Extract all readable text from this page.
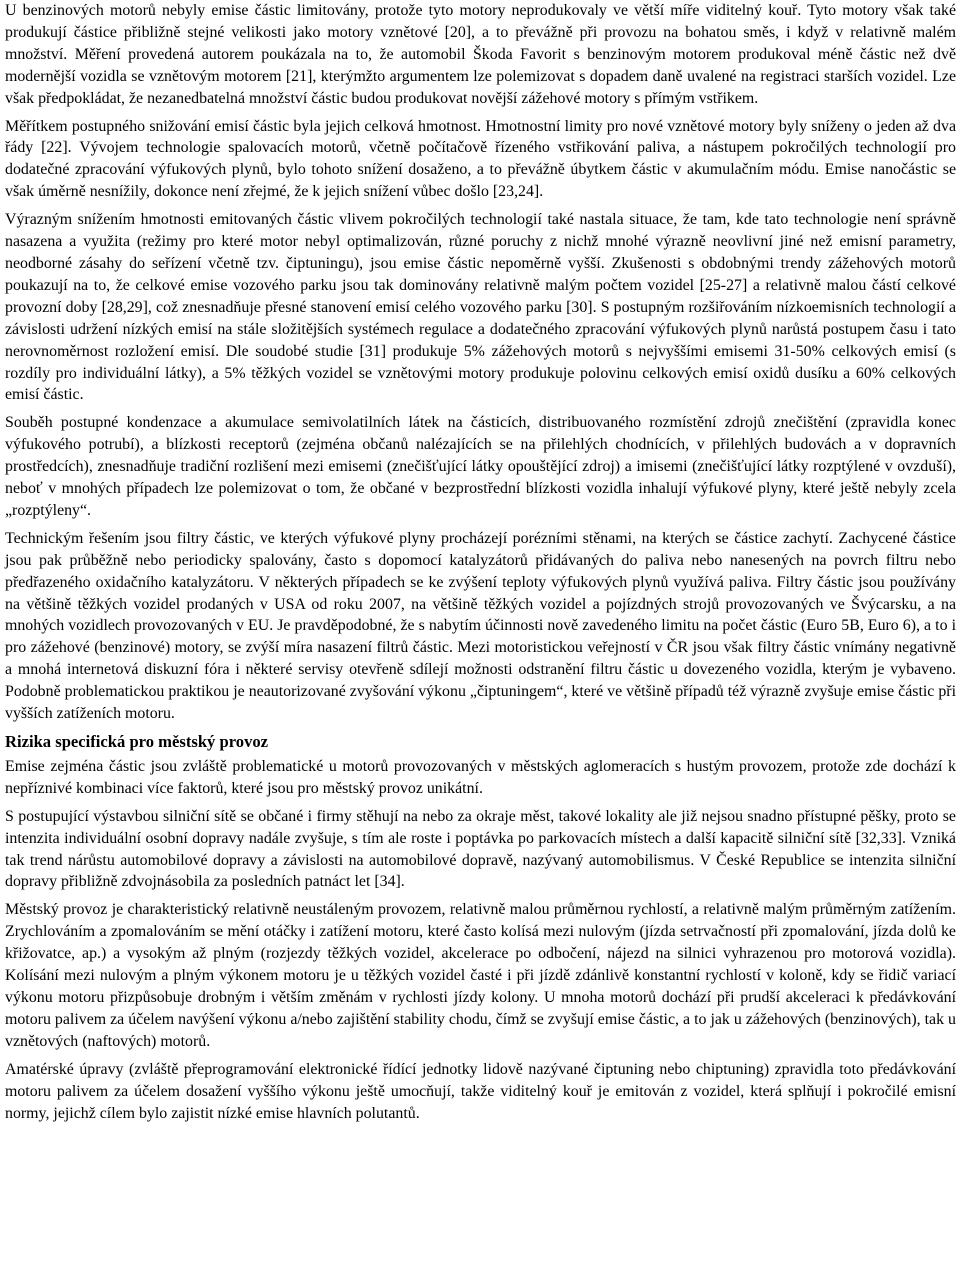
U benzinových motorů nebyly emise částic limitovány, protože tyto motory neprodukovaly ve větší míře viditelný kouř. Tyto motory však také produkují částice přibližně stejné velikosti jako motory vznětové [20], a to převážně při provozu na bohatou směs, i když v relativně malém množství. Měření provedená autorem poukázala na to, že automobil Škoda Favorit s benzinovým motorem produkoval méně částic než dvě modernější vozidla se vznětovým motorem [21], kterýmžto argumentem lze polemizovat s dopadem daně uvalené na registraci starších vozidel. Lze však předpokládat, že nezanedbatelná množství částic budou produkovat novější zážehové motory s přímým vstřikem.

Měřítkem postupného snižování emisí částic byla jejich celková hmotnost. Hmotnostní limity pro nové vznětové motory byly sníženy o jeden až dva řády [22]. Vývojem technologie spalovacích motorů, včetně počítačově řízeného vstřikování paliva, a nástupem pokročilých technologií pro dodatečné zpracování výfukových plynů, bylo tohoto snížení dosaženo, a to převážně úbytkem částic v akumulačním módu. Emise nanočástic se však úměrně nesnížily, dokonce není zřejmé, že k jejich snížení vůbec došlo [23,24].

Výrazným snížením hmotnosti emitovaných částic vlivem pokročilých technologií také nastala situace, že tam, kde tato technologie není správně nasazena a využita (režimy pro které motor nebyl optimalizován, různé poruchy z nichž mnohé výrazně neovlivní jiné než emisní parametry, neodborné zásahy do seřízení včetně tzv. čiptuningu), jsou emise částic nepoměrně vyšší. Zkušenosti s obdobnými trendy zážehových motorů poukazují na to, že celkové emise vozového parku jsou tak dominovány relativně malým počtem vozidel [25-27] a relativně malou částí celkové provozní doby [28,29], což znesnadňuje přesné stanovení emisí celého vozového parku [30]. S postupným rozšiřováním nízkoemisních technologií a závislosti udržení nízkých emisí na stále složitějších systémech regulace a dodatečného zpracování výfukových plynů narůstá postupem času i tato nerovnoměrnost rozložení emisí. Dle soudobé studie [31] produkuje 5% zážehových motorů s nejvyššími emisemi 31-50% celkových emisí (s rozdíly pro individuální látky), a 5% těžkých vozidel se vznětovými motory produkuje polovinu celkových emisí oxidů dusíku a 60% celkových emisí částic.

Souběh postupné kondenzace a akumulace semivolatilních látek na částicích, distribuovaného rozmístění zdrojů znečištění (zpravidla konec výfukového potrubí), a blízkosti receptorů (zejména občanů nalézajících se na přilehlých chodnících, v přilehlých budovách a v dopravních prostředcích), znesnadňuje tradiční rozlišení mezi emisemi (znečišťující látky opouštějící zdroj) a imisemi (znečišťující látky rozptýlené v ovzduší), neboť v mnohých případech lze polemizovat o tom, že občané v bezprostřední blízkosti vozidla inhalují výfukové plyny, které ještě nebyly zcela „rozptýleny“.

Technickým řešením jsou filtry částic, ve kterých výfukové plyny procházejí porézními stěnami, na kterých se částice zachytí. Zachycené částice jsou pak průběžně nebo periodicky spalovány, často s dopomocí katalyzátorů přidávaných do paliva nebo nanesených na povrch filtru nebo předřazeného oxidačního katalyzátoru. V některých případech se ke zvýšení teploty výfukových plynů využívá paliva. Filtry částic jsou používány na většině těžkých vozidel prodaných v USA od roku 2007, na většině těžkých vozidel a pojízdných strojů provozovaných ve Švýcarsku, a na mnohých vozidlech provozovaných v EU. Je pravděpodobné, že s nabytím účinnosti nově zavedeného limitu na počet částic (Euro 5B, Euro 6), a to i pro zážehové (benzinové) motory, se zvýší míra nasazení filtrů částic. Mezi motoristickou veřejností v ČR jsou však filtry částic vnímány negativně a mnohá internetová diskuzní fóra i některé servisy otevřeně sdílejí možnosti odstranění filtru částic u dovezeného vozidla, kterým je vybaveno. Podobně problematickou praktikou je neautorizované zvyšování výkonu „čiptuningem“, které ve většině případů též výrazně zvyšuje emise částic při vyšších zatíženích motoru.

Rizika specifická pro městský provoz

Emise zejména částic jsou zvláště problematické u motorů provozovaných v městských aglomeracích s hustým provozem, protože zde dochází k nepříznivé kombinaci více faktorů, které jsou pro městský provoz unikátní.

S postupující výstavbou silniční sítě se občané i firmy stěhují na nebo za okraje měst, takové lokality ale již nejsou snadno přístupné pěšky, proto se intenzita individuální osobní dopravy nadále zvyšuje, s tím ale roste i poptávka po parkovacích místech a další kapacitě silniční sítě [32,33]. Vzniká tak trend nárůstu automobilové dopravy a závislosti na automobilové dopravě, nazývaný automobilismus. V České Republice se intenzita silniční dopravy přibližně zdvojnásobila za posledních patnáct let [34].

Městský provoz je charakteristický relativně neustáleným provozem, relativně malou průměrnou rychlostí, a relativně malým průměrným zatížením. Zrychlováním a zpomalováním se mění otáčky i zatížení motoru, které často kolísá mezi nulovým (jízda setrvačností při zpomalování, jízda dolů ke křižovatce, ap.) a vysokým až plným (rozjezdy těžkých vozidel, akcelerace po odbočení, nájezd na silnici vyhrazenou pro motorová vozidla). Kolísání mezi nulovým a plným výkonem motoru je u těžkých vozidel časté i při jízdě zdánlivě konstantní rychlostí v koloně, kdy se řidič variací výkonu motoru přizpůsobuje drobným i větším změnám v rychlosti jízdy kolony. U mnoha motorů dochází při prudší akceleraci k předávkování motoru palivem za účelem navýšení výkonu a/nebo zajištění stability chodu, čímž se zvyšují emise částic, a to jak u zážehových (benzinových), tak u vznětových (naftových) motorů.

Amatérské úpravy (zvláště přeprogramování elektronické řídící jednotky lidově nazývané čiptuning nebo chiptuning) zpravidla toto předávkování motoru palivem za účelem dosažení vyššího výkonu ještě umocňují, takže viditelný kouř je emitován z vozidel, která splňují i pokročilé emisní normy, jejichž cílem bylo zajistit nízké emise hlavních polutantů.
